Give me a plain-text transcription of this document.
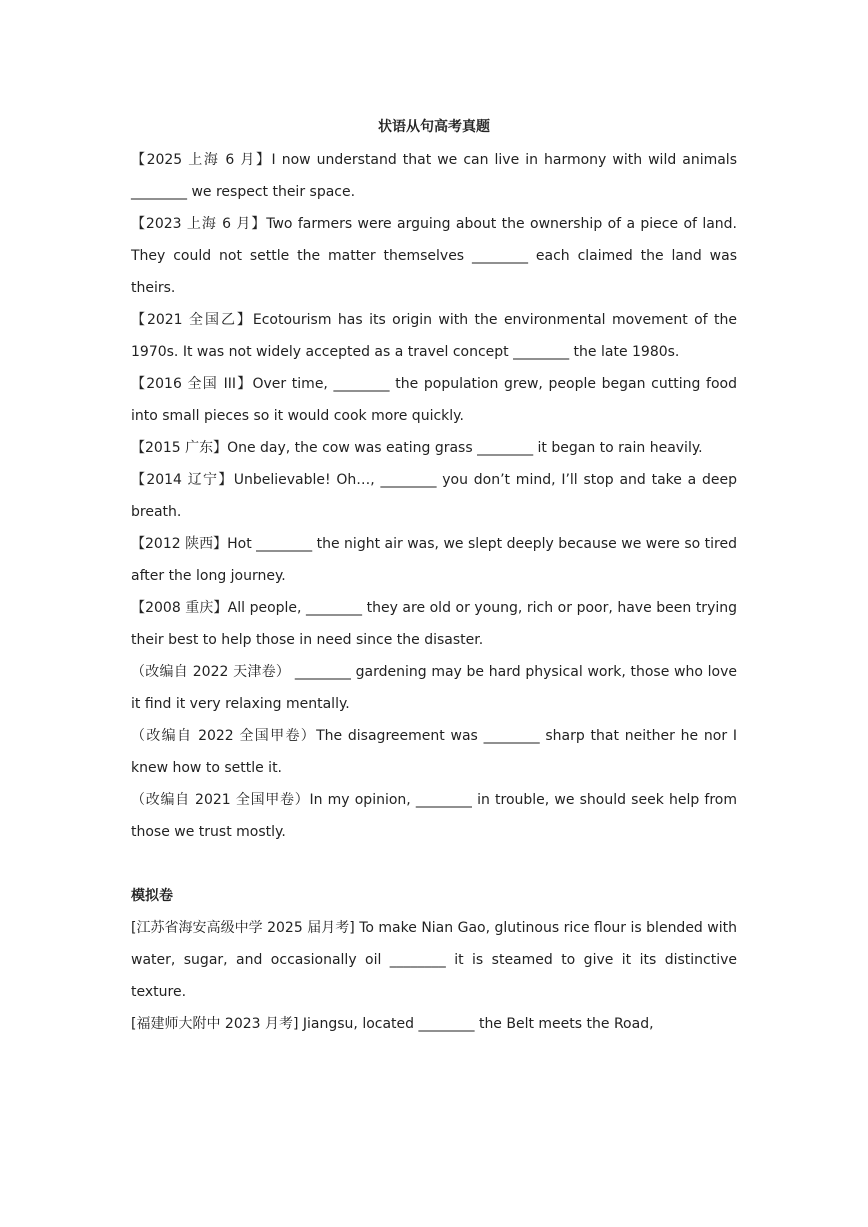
状语从句高考真题
【2025 上海 6 月】I now understand that we can live in harmony with wild animals ________ we respect their space.
【2023 上海 6 月】Two farmers were arguing about the ownership of a piece of land. They could not settle the matter themselves ________ each claimed the land was theirs.
【2021 全国乙】Ecotourism has its origin with the environmental movement of the 1970s. It was not widely accepted as a travel concept ________ the late 1980s.
【2016 全国 III】Over time, ________ the population grew, people began cutting food into small pieces so it would cook more quickly.
【2015 广东】One day, the cow was eating grass ________ it began to rain heavily.
【2014 辽宁】Unbelievable! Oh…, ________ you don’t mind, I’ll stop and take a deep breath.
【2012 陕西】Hot ________ the night air was, we slept deeply because we were so tired after the long journey.
【2008 重庆】All people, ________ they are old or young, rich or poor, have been trying their best to help those in need since the disaster.
（改编自 2022 天津卷） ________ gardening may be hard physical work, those who love it find it very relaxing mentally.
（改编自 2022 全国甲卷）The disagreement was ________ sharp that neither he nor I knew how to settle it.
（改编自 2021 全国甲卷）In my opinion, ________ in trouble, we should seek help from those we trust mostly.
模拟卷
[江苏省海安高级中学 2025 届月考] To make Nian Gao, glutinous rice flour is blended with water, sugar, and occasionally oil ________ it is steamed to give it its distinctive texture.
[福建师大附中 2023 月考] Jiangsu, located ________ the Belt meets the Road,
